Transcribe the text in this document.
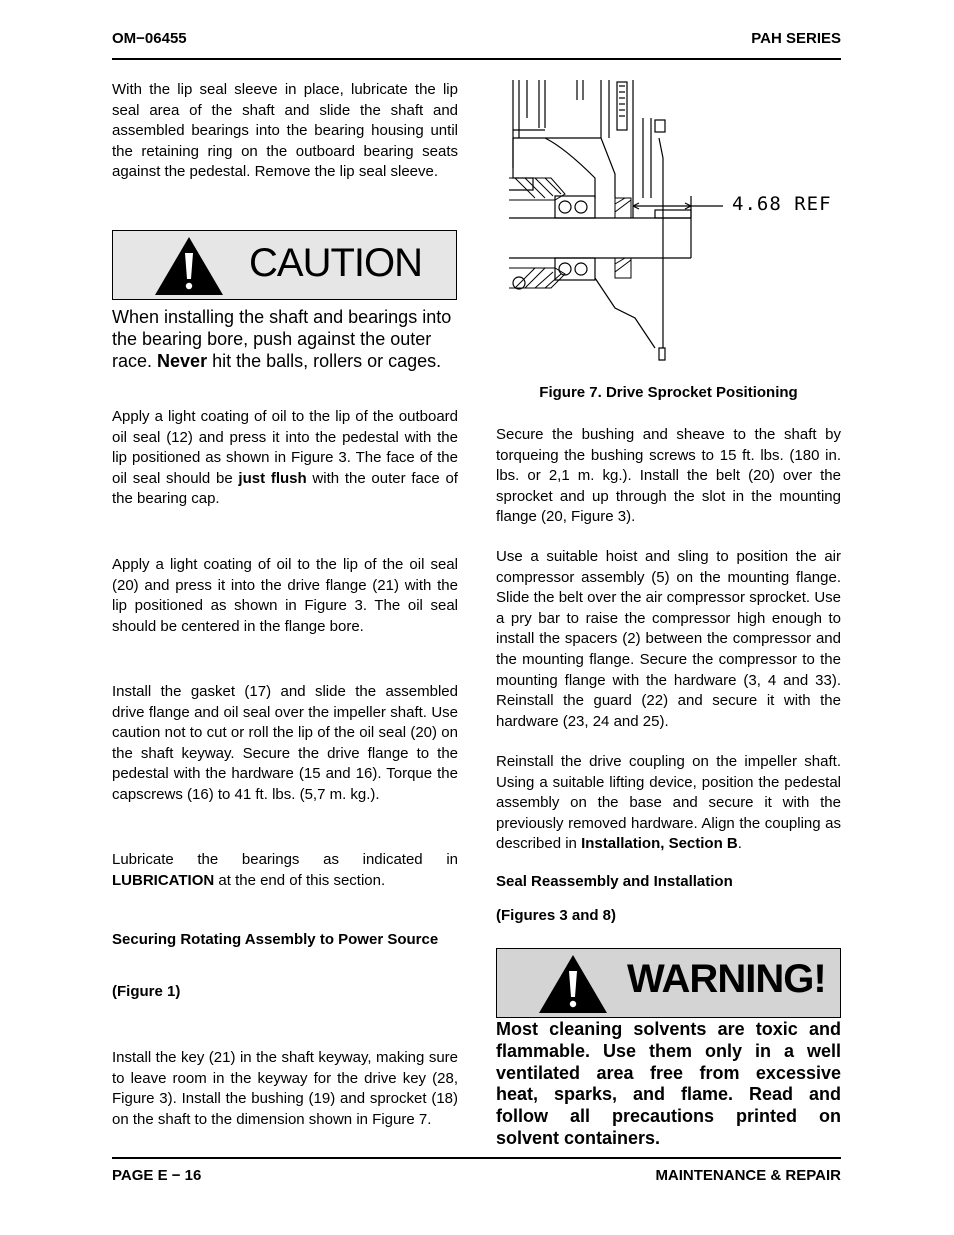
OM−06455	PAH SERIES
With the lip seal sleeve in place, lubricate the lip seal area of the shaft and slide the shaft and assembled bearings into the bearing housing until the retaining ring on the outboard bearing seats against the pedestal. Remove the lip seal sleeve.
CAUTION
When installing the shaft and bearings into the bearing bore, push against the outer race. Never hit the balls, rollers or cages.
Apply a light coating of oil to the lip of the outboard oil seal (12) and press it into the pedestal with the lip positioned as shown in Figure 3. The face of the oil seal should be just flush with the outer face of the bearing cap.
Apply a light coating of oil to the lip of the oil seal (20) and press it into the drive flange (21) with the lip positioned as shown in Figure 3. The oil seal should be centered in the flange bore.
Install the gasket (17) and slide the assembled drive flange and oil seal over the impeller shaft. Use caution not to cut or roll the lip of the oil seal (20) on the shaft keyway. Secure the drive flange to the pedestal with the hardware (15 and 16). Torque the capscrews (16) to 41 ft. lbs. (5,7 m. kg.).
Lubricate the bearings as indicated in LUBRICATION at the end of this section.
Securing Rotating Assembly to Power Source
(Figure 1)
Install the key (21) in the shaft keyway, making sure to leave room in the keyway for the drive key (28, Figure 3). Install the bushing (19) and sprocket (18) on the shaft to the dimension shown in Figure 7.
4.68 REF
Figure 7. Drive Sprocket Positioning
Secure the bushing and sheave to the shaft by torqueing the bushing screws to 15 ft. lbs. (180 in. lbs. or 2,1 m. kg.). Install the belt (20) over the sprocket and up through the slot in the mounting flange (20, Figure 3).
Use a suitable hoist and sling to position the air compressor assembly (5) on the mounting flange. Slide the belt over the air compressor sprocket. Use a pry bar to raise the compressor high enough to install the spacers (2) between the compressor and the mounting flange. Secure the compressor to the mounting flange with the hardware (3, 4 and 33). Reinstall the guard (22) and secure it with the hardware (23, 24 and 25).
Reinstall the drive coupling on the impeller shaft. Using a suitable lifting device, position the pedestal assembly on the base and secure it with the previously removed hardware. Align the coupling as described in Installation, Section B.
Seal Reassembly and Installation
(Figures 3 and 8)
WARNING!
Most cleaning solvents are toxic and flammable. Use them only in a well ventilated area free from excessive heat, sparks, and flame. Read and follow all precautions printed on solvent containers.
PAGE E − 16	MAINTENANCE & REPAIR
